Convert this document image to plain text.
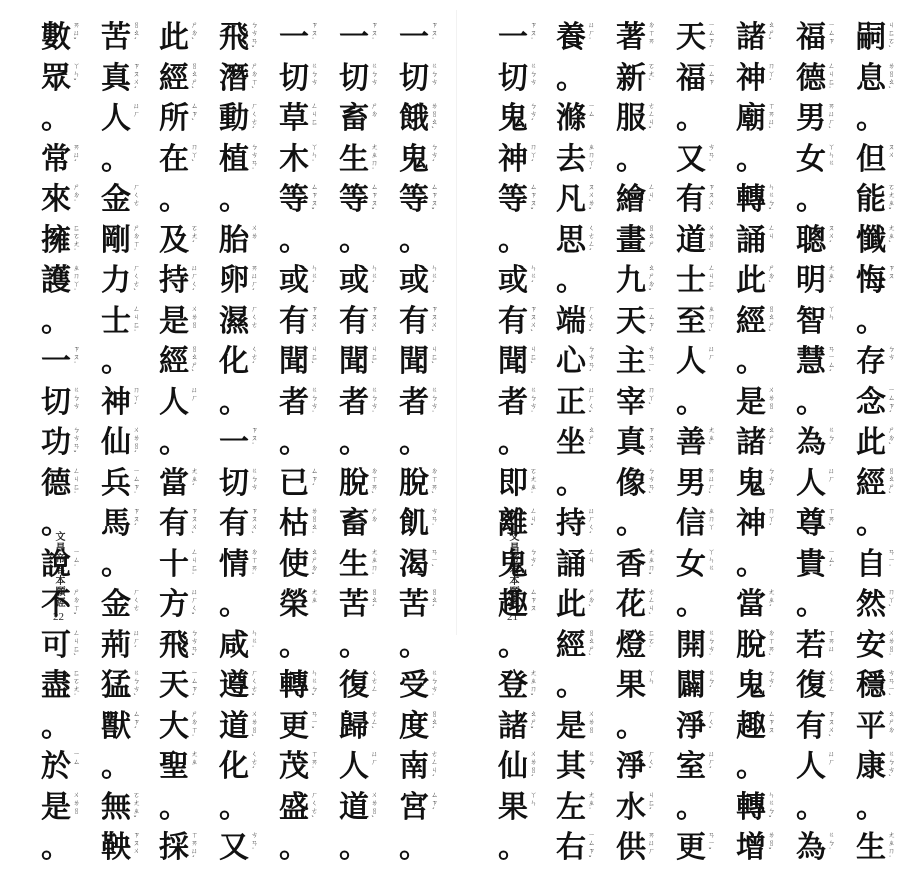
文昌帝君本願經
22
數 ㄞ
ㄩ
ˇ
眾 ㄚ
ㄣ
ˇ
。
常 ㄞ
ㄩ
ˊ
來 ㄕ
ㄉ
˙
擁 ㄈ
ㄛ
ㄤ
˙
護 ㄓ
ㄇ
ㄚ
˙
。
一 ㄗ
ㄡ
˙
切 ㄍ
ㄅ
ㄘ
功 ㄅ
ㄘ
ㄢ
ˇ
德 ㄥ
ㄐ
ㄈ
˙
。
說 ㄧ
ㄙ
˙
不 ㄕ
ㄉ
ㄒ
ˇ
可 ㄥ
ㄐ
ㄈ
ˋ
盡 ㄈ
ㄛ
ㄤ
˙
。
於 ㄧ
ㄙ
是 ㄨ
ㄌ
ㄖ
。
苦 ㄖ
ㄠ
ˊ
真 ㄗ
ㄡ
ㄨ
ˊ
人 ㄩ
ㄏ
。
金 ㄏ
ㄑ
ㄜ
剛 ㄕ
ㄉ
ㄒ
˙
力 ㄏ
ㄑ
ㄜ
ˋ
士 ㄥ
ㄐ
ㄈ
˙
。
神 ㄇ
ㄚ
ˊ
仙 ㄨ
ㄌ
ㄖ
ˊ
兵 ㄧ
ㄙ
ㄗ
˙
馬 ㄗ
ㄡ
ˊ
。
金 ㄏ
ㄑ
ㄜ
荊 ㄩ
ㄏ
ˊ
猛 ㄍ
ㄅ
ㄘ
ˋ
獸 ㄙ
ㄗ
ˊ
。
無 ㄛ
ㄤ
ㄓ
ˇ
鞅 ㄗ
ㄡ
ㄨ
此 ㄕ
ㄉ
ˋ
經 ㄖ
ㄠ
ㄕ
ˋ
所 ㄙ
ㄗ
ˋ
在 ㄇ
ㄚ
ˋ
。
及 ㄛ
ㄤ
ˊ
持 ㄩ
ㄏ
ㄑ
ˊ
是 ㄨ
ㄌ
ㄖ
經 ㄖ
ㄠ
ㄕ
ˋ
人 ㄩ
ㄏ
。
當 ㄤ
ㄓ
ˊ
有 ㄗ
ㄡ
ㄨ
ˋ
十 ㄥ
ㄐ
ㄈ
˙
方 ㄩ
ㄏ
ㄑ
ˇ
飛 ㄅ
ㄘ
ㄢ
ˇ
天 ㄧ
ㄙ
ㄗ
ˊ
大 ㄕ
ㄉ
ㄒ
˙
聖 ㄤ
ㄓ
。
採 ㄒ
ㄞ
ㄩ
ˊ
飛 ㄅ
ㄘ
ㄢ
ˇ
潛 ㄕ
ㄉ
ㄒ
ˋ
動 ㄏ
ㄑ
ㄜ
ˊ
植 ㄅ
ㄘ
ㄢ
˙
。
胎 ㄨ
ㄌ
卵 ㄞ
ㄩ
ㄏ
ˊ
濕 ㄏ
ㄑ
ㄜ
化 ㄑ
ㄜ
ˊ
。
一 ㄗ
ㄡ
˙
切 ㄍ
ㄅ
ㄘ
有 ㄗ
ㄡ
ㄨ
ˋ
情 ㄉ
ㄒ
ㄞ
˙
。
咸 ㄣ
ㄍ
˙
遵 ㄏ
ㄑ
ㄜ
ˇ
道 ㄨ
ㄌ
ㄖ
ˋ
化 ㄑ
ㄜ
ˊ
。
又 ㄘ
ㄢ
˙
一 ㄗ
ㄡ
˙
切 ㄍ
ㄅ
ㄘ
草 ㄥ
ㄐ
ㄈ
木 ㄚ
ㄣ
˙
等 ㄙ
ㄗ
ㄡ
ˇ
。
或 ㄣ
ㄍ
ˊ
有 ㄗ
ㄡ
ㄨ
ˋ
聞 ㄐ
ㄈ
ˋ
者 ㄍ
ㄅ
ㄘ
˙
。
已 ㄙ
ㄗ
ˊ
枯 ㄌ
ㄖ
ㄠ
˙
使 ㄠ
ㄕ
ㄉ
ˇ
榮 ㄤ
ㄓ
。
轉 ㄣ
ㄍ
ㄅ
ˇ
更 ㄢ
ㄧ
ˇ
茂 ㄒ
ㄞ
˙
盛 ㄏ
ㄑ
ㄜ
ˋ
。
一 ㄗ
ㄡ
˙
切 ㄍ
ㄅ
ㄘ
畜 ㄕ
ㄉ
生 ㄤ
ㄓ
ㄇ
˙
等 ㄙ
ㄗ
ㄡ
ˇ
。
或 ㄣ
ㄍ
ˊ
有 ㄗ
ㄡ
ㄨ
ˋ
聞 ㄐ
ㄈ
ˋ
者 ㄍ
ㄅ
ㄘ
˙
。
脫 ㄉ
ㄒ
ㄞ
ˋ
畜 ㄕ
ㄉ
生 ㄤ
ㄓ
ㄇ
˙
苦 ㄖ
ㄠ
ˊ
。
復 ㄑ
ㄜ
ㄥ
歸 ㄜ
ㄥ
ˋ
人 ㄩ
ㄏ
道 ㄨ
ㄌ
ㄖ
ˋ
。
一 ㄗ
ㄡ
˙
切 ㄍ
ㄅ
ㄘ
餓 ㄌ
ㄖ
ㄠ
ˋ
鬼 ㄅ
ㄘ
ˊ
等 ㄙ
ㄗ
ㄡ
ˇ
。
或 ㄣ
ㄍ
ˊ
有 ㄗ
ㄡ
ㄨ
ˋ
聞 ㄐ
ㄈ
ˋ
者 ㄍ
ㄅ
ㄘ
˙
。
脫 ㄉ
ㄒ
ㄞ
ˋ
飢 ㄘ
ㄢ
˙
渴 ㄢ
ㄧ
ˋ
苦 ㄖ
ㄠ
ˊ
。
受 ㄍ
ㄅ
ㄘ
˙
度 ㄖ
ㄠ
ˊ
南 ㄜ
ㄥ
ㄐ
ˊ
宮 ㄙ
ㄗ
ˊ
。
文昌帝君本願經
21
一 ㄗ
ㄡ
˙
切 ㄍ
ㄅ
ㄘ
鬼 ㄅ
ㄘ
ˊ
神 ㄇ
ㄚ
ˊ
等 ㄙ
ㄗ
ㄡ
ˇ
。
或 ㄣ
ㄍ
ˊ
有 ㄗ
ㄡ
ㄨ
ˋ
聞 ㄐ
ㄈ
ˋ
者 ㄍ
ㄅ
ㄘ
˙
。
即 ㄛ
ㄤ
ㄓ
˙
離 ㄥ
ㄐ
ˇ
鬼 ㄅ
ㄘ
ˊ
趣 ㄙ
ㄗ
ㄡ
。
登 ㄤ
ㄓ
ㄇ
ˇ
諸 ㄠ
ㄕ
ˇ
仙 ㄨ
ㄌ
ㄖ
ˊ
果 ㄚ
ㄣ
。
養 ㄩ
ㄏ
˙
。
滌 ㄧ
ㄙ
去 ㄓ
ㄇ
ㄚ
ˊ
凡 ㄡ
ㄨ
ㄌ
ˇ
思 ㄑ
ㄜ
ㄥ
ˊ
。
端 ㄏ
ㄑ
ㄜ
ˇ
心 ㄅ
ㄘ
ㄢ
ˊ
正 ㄩ
ㄏ
ㄑ
ˇ
坐 ㄠ
ㄕ
ˋ
。
持 ㄩ
ㄏ
ㄑ
ˊ
誦 ㄥ
ㄐ
此 ㄕ
ㄉ
ˋ
經 ㄖ
ㄠ
ㄕ
ˋ
。
是 ㄨ
ㄌ
ㄖ
其 ㄍ
ㄅ
左 ㄤ
ㄓ
˙
右 ㄧ
ㄙ
ㄗ
ˇ
著 ㄉ
ㄒ
ㄞ
新 ㄛ
ㄤ
ˋ
服 ㄜ
ㄥ
ㄐ
ˇ
。
繪 ㄥ
ㄐ
ˋ
畫 ㄖ
ㄠ
ㄕ
九 ㄠ
ㄕ
ㄉ
ˇ
天 ㄧ
ㄙ
ㄗ
ˊ
主 ㄘ
ㄢ
ㄧ
ˋ
宰 ㄇ
ㄚ
ˋ
真 ㄗ
ㄡ
ㄨ
ˊ
像 ㄅ
ㄘ
ㄢ
ˋ
。
香 ㄤ
ㄓ
ㄇ
ˇ
花 ㄜ
ㄥ
ㄐ
ˋ
燈 ㄈ
ㄛ
˙
果 ㄚ
ㄣ
。
淨 ㄏ
ㄑ
ˇ
水 ㄐ
ㄈ
ˊ
供 ㄞ
ㄩ
ㄏ
天 ㄧ
ㄙ
ㄗ
ˊ
福 ㄧ
ㄙ
ㄗ
。
又 ㄘ
ㄢ
˙
有 ㄗ
ㄡ
ㄨ
ˋ
道 ㄨ
ㄌ
ㄖ
ˋ
士 ㄥ
ㄐ
ㄈ
˙
至 ㄓ
ㄇ
ㄚ
ˋ
人 ㄩ
ㄏ
。
善 ㄤ
ㄓ
ˋ
男 ㄞ
ㄩ
ㄏ
ˋ
信 ㄓ
ㄇ
ㄚ
女 ㄚ
ㄣ
ㄍ
。
開 ㄍ
ㄅ
ㄘ
˙
闢 ㄍ
ㄅ
ˊ
淨 ㄏ
ㄑ
ˇ
室 ㄩ
ㄏ
ˊ
。
更 ㄢ
ㄧ
ˇ
諸 ㄠ
ㄕ
ˇ
神 ㄇ
ㄚ
ˊ
廟 ㄒ
ㄞ
ㄩ
ˋ
。
轉 ㄣ
ㄍ
ㄅ
ˇ
誦 ㄥ
ㄐ
此 ㄕ
ㄉ
ˋ
經 ㄖ
ㄠ
ㄕ
ˋ
。
是 ㄨ
ㄌ
ㄖ
諸 ㄠ
ㄕ
ˇ
鬼 ㄅ
ㄘ
ˊ
神 ㄇ
ㄚ
ˊ
。
當 ㄤ
ㄓ
ˊ
脫 ㄉ
ㄒ
ㄞ
ˋ
鬼 ㄅ
ㄘ
ˊ
趣 ㄙ
ㄗ
ㄡ
。
轉 ㄣ
ㄍ
ㄅ
ˇ
增 ㄌ
ㄖ
ˇ
福 ㄧ
ㄙ
ㄗ
德 ㄥ
ㄐ
ㄈ
˙
男 ㄞ
ㄩ
ㄏ
ˋ
女 ㄚ
ㄣ
ㄍ
。
聰 ㄡ
ㄨ
ˊ
明 ㄤ
ㄓ
ˇ
智 ㄚ
ㄣ
慧 ㄢ
ㄧ
ㄙ
ˊ
。
為 ㄍ
ㄅ
˙
人 ㄩ
ㄏ
尊 ㄒ
ㄞ
ˋ
貴 ㄧ
ㄙ
ˊ
。
若 ㄒ
ㄞ
ㄩ
復 ㄑ
ㄜ
ㄥ
有 ㄗ
ㄡ
ㄨ
ˋ
人 ㄩ
ㄏ
。
為 ㄍ
ㄅ
˙
嗣 ㄐ
ㄈ
ㄛ
ˋ
息 ㄌ
ㄖ
ㄠ
ˋ
。
但 ㄡ
ㄨ
能 ㄛ
ㄤ
ㄓ
ˇ
懺 ㄤ
ㄓ
ˋ
悔 ㄗ
ㄡ
。
存 ㄅ
ㄘ
念 ㄧ
ㄙ
ㄗ
ˊ
此 ㄕ
ㄉ
ˋ
經 ㄖ
ㄠ
ㄕ
ˋ
。
自 ㄢ
ㄧ
˙
然 ㄇ
ㄚ
ˋ
安 ㄨ
ㄌ
ㄖ
˙
穩 ㄘ
ㄢ
ㄧ
ˋ
平 ㄠ
ㄕ
ㄉ
康 ㄍ
ㄅ
ㄘ
ˋ
。
生 ㄤ
ㄓ
ㄇ
˙
